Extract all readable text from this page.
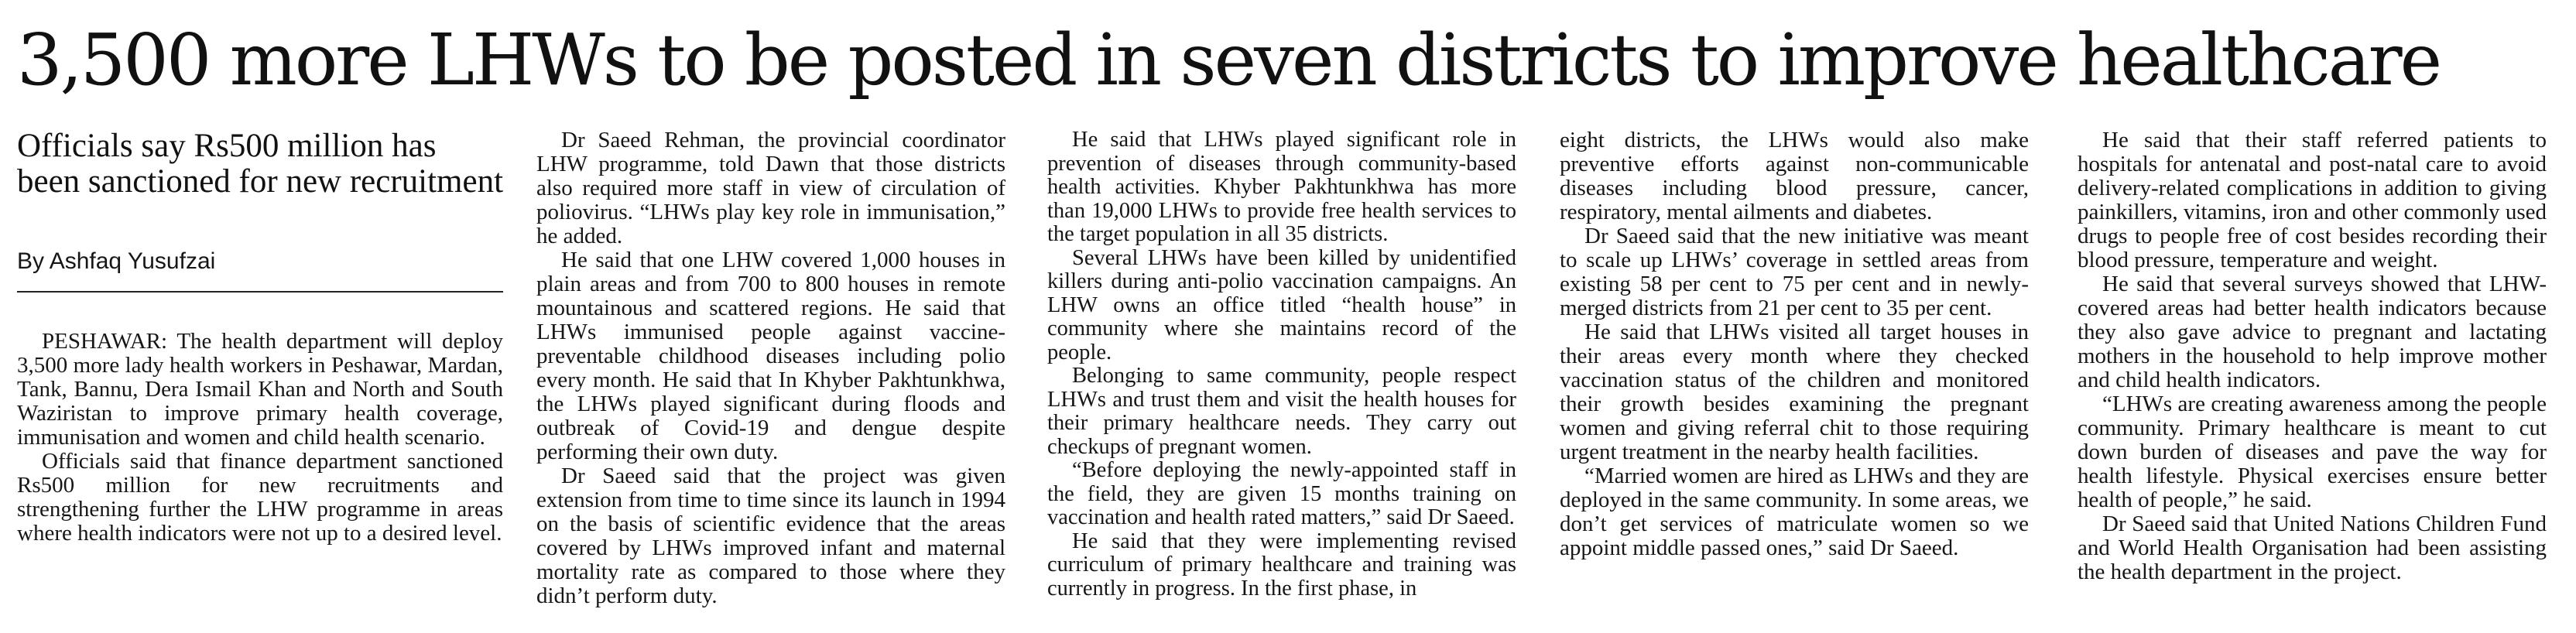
3,500 more LHWs to be posted in seven districts to improve healthcare
Officials say Rs500 million has been sanctioned for new recruitment
By Ashfaq Yusufzai

PESHAWAR: The health department will deploy 3,500 more lady health workers in Peshawar, Mardan, Tank, Bannu, Dera Ismail Khan and North and South Waziristan to improve primary health coverage, immunisation and women and child health scenario.

Officials said that finance department sanctioned Rs500 million for new recruitments and strengthening further the LHW programme in areas where health indicators were not up to a desired level.

Dr Saeed Rehman, the provincial coordinator LHW programme, told Dawn that those districts also required more staff in view of circulation of poliovirus. “LHWs play key role in immunisation,” he added.

He said that one LHW covered 1,000 houses in plain areas and from 700 to 800 houses in remote mountainous and scattered regions. He said that LHWs immunised people against vaccine-preventable childhood diseases including polio every month. He said that In Khyber Pakhtunkhwa, the LHWs played significant during floods and outbreak of Covid-19 and dengue despite performing their own duty.

Dr Saeed said that the project was given extension from time to time since its launch in 1994 on the basis of scientific evidence that the areas covered by LHWs improved infant and maternal mortality rate as compared to those where they didn’t perform duty.

He said that LHWs played significant role in prevention of diseases through community-based health activities. Khyber Pakhtunkhwa has more than 19,000 LHWs to provide free health services to the target population in all 35 districts.

Several LHWs have been killed by unidentified killers during anti-polio vaccination campaigns. An LHW owns an office titled “health house” in community where she maintains record of the people.

Belonging to same community, people respect LHWs and trust them and visit the health houses for their primary healthcare needs. They carry out checkups of pregnant women.

“Before deploying the newly-appointed staff in the field, they are given 15 months training on vaccination and health rated matters,” said Dr Saeed.

He said that they were implementing revised curriculum of primary healthcare and training was currently in progress. In the first phase, in

eight districts, the LHWs would also make preventive efforts against non-communicable diseases including blood pressure, cancer, respiratory, mental ailments and diabetes.

Dr Saeed said that the new initiative was meant to scale up LHWs’ coverage in settled areas from existing 58 per cent to 75 per cent and in newly-merged districts from 21 per cent to 35 per cent.

He said that LHWs visited all target houses in their areas every month where they checked vaccination status of the children and monitored their growth besides examining the pregnant women and giving referral chit to those requiring urgent treatment in the nearby health facilities.

“Married women are hired as LHWs and they are deployed in the same community. In some areas, we don’t get services of matriculate women so we appoint middle passed ones,” said Dr Saeed.

He said that their staff referred patients to hospitals for antenatal and post-natal care to avoid delivery-related complications in addition to giving painkillers, vitamins, iron and other commonly used drugs to people free of cost besides recording their blood pressure, temperature and weight.

He said that several surveys showed that LHW-covered areas had better health indicators because they also gave advice to pregnant and lactating mothers in the household to help improve mother and child health indicators.

“LHWs are creating awareness among the people community. Primary healthcare is meant to cut down burden of diseases and pave the way for health lifestyle. Physical exercises ensure better health of people,” he said.

Dr Saeed said that United Nations Children Fund and World Health Organisation had been assisting the health department in the project.
